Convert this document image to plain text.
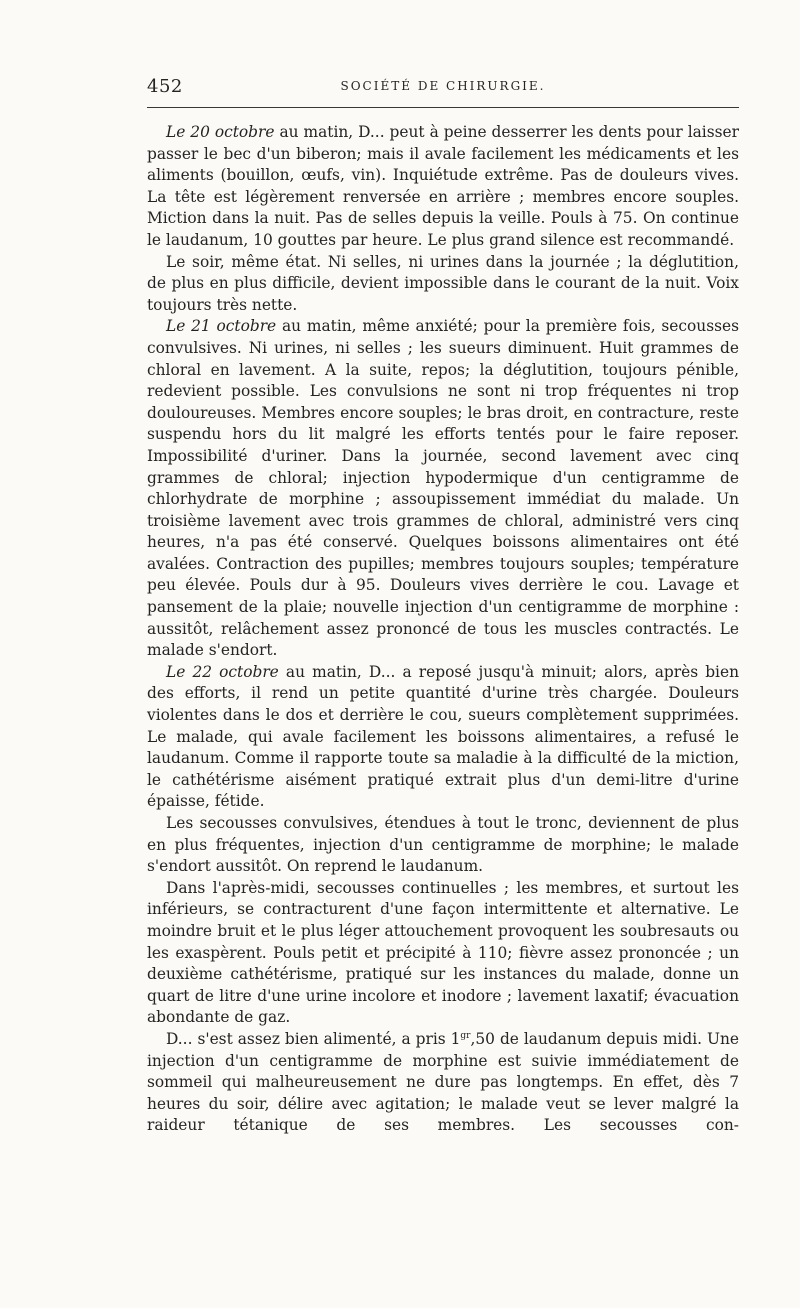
452	SOCIÉTÉ DE CHIRURGIE.

Le 20 octobre au matin, D... peut à peine desserrer les dents pour laisser passer le bec d'un biberon; mais il avale facilement les médicaments et les aliments (bouillon, œufs, vin). Inquiétude extrême. Pas de douleurs vives. La tête est légèrement renversée en arrière ; membres encore souples. Miction dans la nuit. Pas de selles depuis la veille. Pouls à 75. On continue le laudanum, 10 gouttes par heure. Le plus grand silence est recommandé.

Le soir, même état. Ni selles, ni urines dans la journée ; la déglutition, de plus en plus difficile, devient impossible dans le courant de la nuit. Voix toujours très nette.

Le 21 octobre au matin, même anxiété; pour la première fois, secousses convulsives. Ni urines, ni selles ; les sueurs diminuent. Huit grammes de chloral en lavement. A la suite, repos; la déglutition, toujours pénible, redevient possible. Les convulsions ne sont ni trop fréquentes ni trop douloureuses. Membres encore souples; le bras droit, en contracture, reste suspendu hors du lit malgré les efforts tentés pour le faire reposer. Impossibilité d'uriner. Dans la journée, second lavement avec cinq grammes de chloral; injection hypodermique d'un centigramme de chlorhydrate de morphine ; assoupissement immédiat du malade. Un troisième lavement avec trois grammes de chloral, administré vers cinq heures, n'a pas été conservé. Quelques boissons alimentaires ont été avalées. Contraction des pupilles; membres toujours souples; température peu élevée. Pouls dur à 95. Douleurs vives derrière le cou. Lavage et pansement de la plaie; nouvelle injection d'un centigramme de morphine : aussitôt, relâchement assez prononcé de tous les muscles contractés. Le malade s'endort.

Le 22 octobre au matin, D... a reposé jusqu'à minuit; alors, après bien des efforts, il rend un petite quantité d'urine très chargée. Douleurs violentes dans le dos et derrière le cou, sueurs complètement supprimées. Le malade, qui avale facilement les boissons alimentaires, a refusé le laudanum. Comme il rapporte toute sa maladie à la difficulté de la miction, le cathétérisme aisément pratiqué extrait plus d'un demi-litre d'urine épaisse, fétide.

Les secousses convulsives, étendues à tout le tronc, deviennent de plus en plus fréquentes, injection d'un centigramme de morphine; le malade s'endort aussitôt. On reprend le laudanum.

Dans l'après-midi, secousses continuelles ; les membres, et surtout les inférieurs, se contracturent d'une façon intermittente et alternative. Le moindre bruit et le plus léger attouchement provoquent les soubresauts ou les exaspèrent. Pouls petit et précipité à 110; fièvre assez prononcée ; un deuxième cathétérisme, pratiqué sur les instances du malade, donne un quart de litre d'une urine incolore et inodore ; lavement laxatif; évacuation abondante de gaz.

D... s'est assez bien alimenté, a pris $1^{gr},50$ de laudanum depuis midi. Une injection d'un centigramme de morphine est suivie immédiatement de sommeil qui malheureusement ne dure pas longtemps. En effet, dès 7 heures du soir, délire avec agitation; le malade veut se lever malgré la raideur tétanique de ses membres. Les secousses con-
